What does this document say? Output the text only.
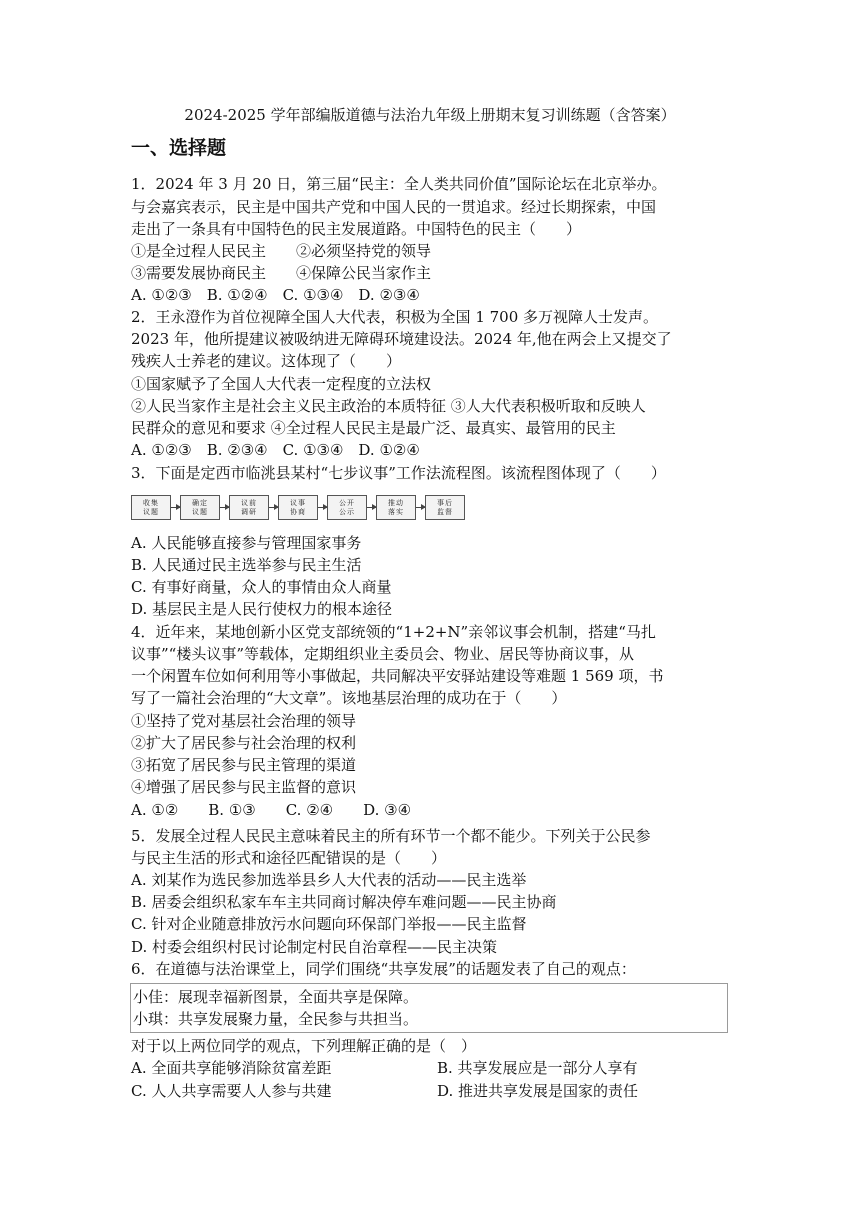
2024-2025 学年部编版道德与法治九年级上册期末复习训练题（含答案）
一、选择题
1．2024 年 3 月 20 日，第三届“民主：全人类共同价值”国际论坛在北京举办。
与会嘉宾表示，民主是中国共产党和中国人民的一贯追求。经过长期探索，中国
走出了一条具有中国特色的民主发展道路。中国特色的民主（　　）
①是全过程人民民主　　②必须坚持党的领导
③需要发展协商民主　　④保障公民当家作主
A. ①②③　B. ①②④　C. ①③④　D. ②③④
2．王永澄作为首位视障全国人大代表，积极为全国 1 700 多万视障人士发声。
2023 年，他所提建议被吸纳进无障碍环境建设法。2024 年,他在两会上又提交了
残疾人士养老的建议。这体现了（　　）
①国家赋予了全国人大代表一定程度的立法权
②人民当家作主是社会主义民主政治的本质特征 ③人大代表积极听取和反映人
民群众的意见和要求 ④全过程人民民主是最广泛、最真实、最管用的民主
A. ①②③　B. ②③④　C. ①③④　D. ①②④
3．下面是定西市临洮县某村“七步议事”工作法流程图。该流程图体现了（　　）
收集
议题
确定
议题
议前
调研
议事
协商
公开
公示
推动
落实
事后
监督
A. 人民能够直接参与管理国家事务
B. 人民通过民主选举参与民主生活
C. 有事好商量，众人的事情由众人商量
D. 基层民主是人民行使权力的根本途径
4．近年来，某地创新小区党支部统领的“1+2+N”亲邻议事会机制，搭建“马扎
议事”“楼头议事”等载体，定期组织业主委员会、物业、居民等协商议事，从
一个闲置车位如何利用等小事做起，共同解决平安驿站建设等难题 1 569 项，书
写了一篇社会治理的“大文章”。该地基层治理的成功在于（　　）
①坚持了党对基层社会治理的领导
②扩大了居民参与社会治理的权利
③拓宽了居民参与民主管理的渠道
④增强了居民参与民主监督的意识
A. ①②　　B. ①③　　C. ②④　　D. ③④
5．发展全过程人民民主意味着民主的所有环节一个都不能少。下列关于公民参
与民主生活的形式和途径匹配错误的是（　　）
A. 刘某作为选民参加选举县乡人大代表的活动——民主选举
B. 居委会组织私家车车主共同商讨解决停车难问题——民主协商
C. 针对企业随意排放污水问题向环保部门举报——民主监督
D. 村委会组织村民讨论制定村民自治章程——民主决策
6．在道德与法治课堂上，同学们围绕“共享发展”的话题发表了自己的观点：
小佳：展现幸福新图景，全面共享是保障。
小琪：共享发展聚力量，全民参与共担当。
对于以上两位同学的观点，下列理解正确的是（　）
A. 全面共享能够消除贫富差距	B. 共享发展应是一部分人享有
C. 人人共享需要人人参与共建	D. 推进共享发展是国家的责任
